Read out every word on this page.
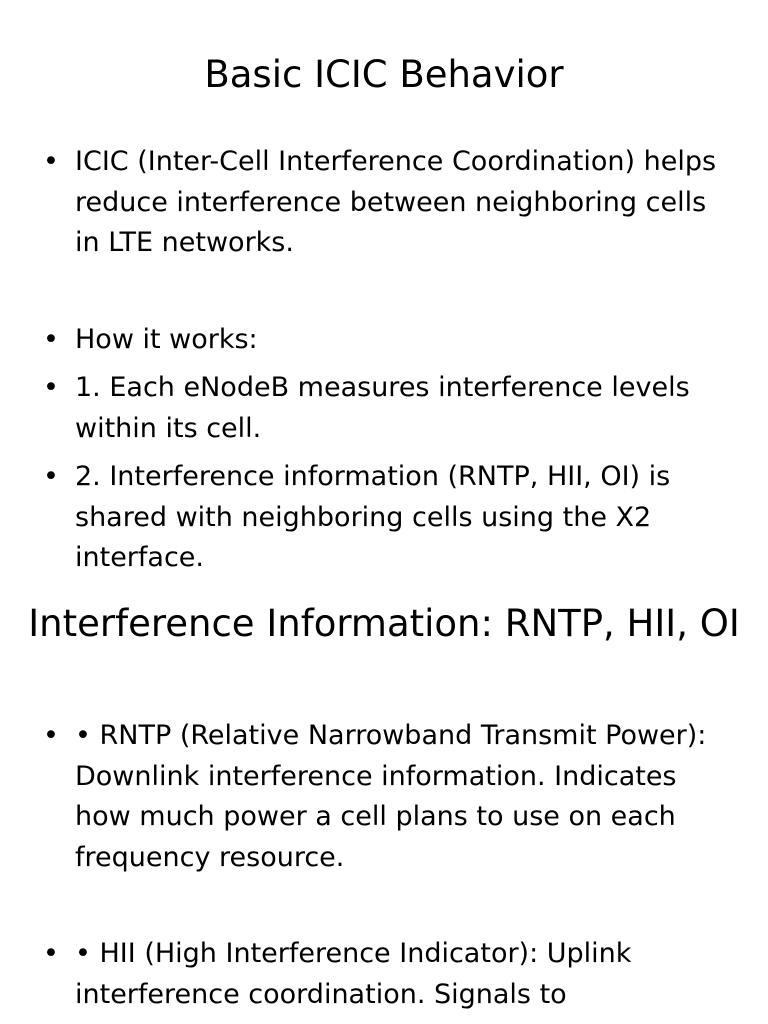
Basic ICIC Behavior
• ICIC (Inter-Cell Interference Coordination) helps reduce interference between neighboring cells in LTE networks.
• How it works:
• 1. Each eNodeB measures interference levels within its cell.
• 2. Interference information (RNTP, HII, OI) is shared with neighboring cells using the X2 interface.
Interference Information: RNTP, HII, OI
• • RNTP (Relative Narrowband Transmit Power): Downlink interference information. Indicates how much power a cell plans to use on each frequency resource.
• • HII (High Interference Indicator): Uplink interference coordination. Signals to
